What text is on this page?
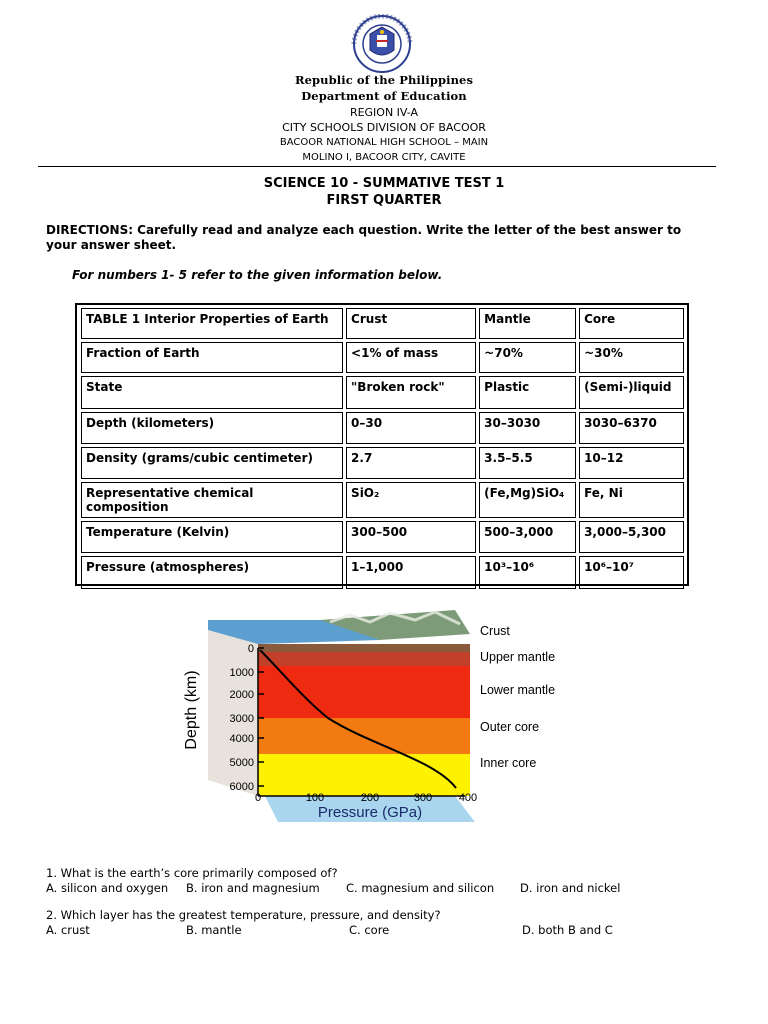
Republic of the Philippines
Department of Education
REGION IV-A
CITY SCHOOLS DIVISION OF BACOOR
BACOOR NATIONAL HIGH SCHOOL – MAIN
MOLINO I, BACOOR CITY, CAVITE
SCIENCE 10 - SUMMATIVE TEST 1
FIRST QUARTER
DIRECTIONS: Carefully read and analyze each question. Write the letter of the best answer to your answer sheet.
For numbers 1- 5 refer to the given information below.
TABLE 1 Interior Properties of Earth	Crust	Mantle	Core
Fraction of Earth	<1% of mass	~70%	~30%
State	"Broken rock"	Plastic	(Semi-)liquid
Depth (kilometers)	0–30	30–3030	3030–6370
Density (grams/cubic centimeter)	2.7	3.5–5.5	10–12
Representative chemical composition	SiO₂	(Fe,Mg)SiO₄	Fe, Ni
Temperature (Kelvin)	300–500	500–3,000	3,000–5,300
Pressure (atmospheres)	1–1,000	10³–10⁶	10⁶–10⁷
0
1000
2000
3000
4000
5000
6000
0	100	200	300 400
Depth (km)
Pressure (GPa)
Crust
Upper mantle
Lower mantle
Outer core
Inner core
1. What is the earth’s core primarily composed of?
A. silicon and oxygen B. iron and magnesium C. magnesium and silicon D. iron and nickel
2. Which layer has the greatest temperature, pressure, and density?
A. crust	B. mantle	C. core	D. both B and C
